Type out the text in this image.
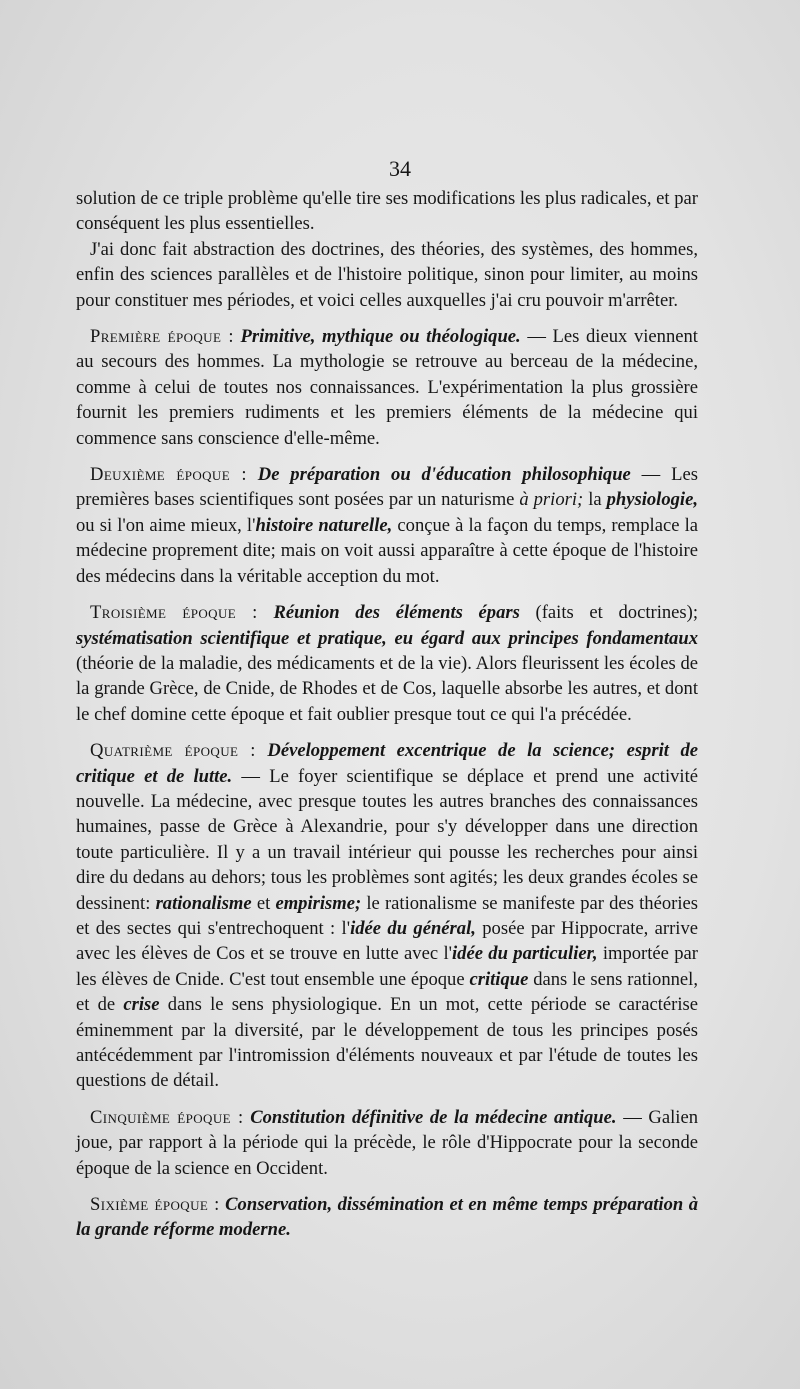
34

solution de ce triple problème qu'elle tire ses modifications les plus radicales, et par conséquent les plus essentielles.

J'ai donc fait abstraction des doctrines, des théories, des systèmes, des hommes, enfin des sciences parallèles et de l'histoire politique, sinon pour limiter, au moins pour constituer mes périodes, et voici celles auxquelles j'ai cru pouvoir m'arrêter.

Première époque : Primitive, mythique ou théologique. — Les dieux viennent au secours des hommes. La mythologie se retrouve au berceau de la médecine, comme à celui de toutes nos connaissances. L'expérimentation la plus grossière fournit les premiers rudiments et les premiers éléments de la médecine qui commence sans conscience d'elle-même.

Deuxième époque : De préparation ou d'éducation philosophique — Les premières bases scientifiques sont posées par un naturisme à priori; la physiologie, ou si l'on aime mieux, l'histoire naturelle, conçue à la façon du temps, remplace la médecine proprement dite; mais on voit aussi apparaître à cette époque de l'histoire des médecins dans la véritable acception du mot.

Troisième époque : Réunion des éléments épars (faits et doctrines); systématisation scientifique et pratique, eu égard aux principes fondamentaux (théorie de la maladie, des médicaments et de la vie). Alors fleurissent les écoles de la grande Grèce, de Cnide, de Rhodes et de Cos, laquelle absorbe les autres, et dont le chef domine cette époque et fait oublier presque tout ce qui l'a précédée.

Quatrième époque : Développement excentrique de la science; esprit de critique et de lutte. — Le foyer scientifique se déplace et prend une activité nouvelle. La médecine, avec presque toutes les autres branches des connaissances humaines, passe de Grèce à Alexandrie, pour s'y développer dans une direction toute particulière. Il y a un travail intérieur qui pousse les recherches pour ainsi dire du dedans au dehors; tous les problèmes sont agités; les deux grandes écoles se dessinent: rationalisme et empirisme; le rationalisme se manifeste par des théories et des sectes qui s'entrechoquent : l'idée du général, posée par Hippocrate, arrive avec les élèves de Cos et se trouve en lutte avec l'idée du particulier, importée par les élèves de Cnide. C'est tout ensemble une époque critique dans le sens rationnel, et de crise dans le sens physiologique. En un mot, cette période se caractérise éminemment par la diversité, par le développement de tous les principes posés antécédemment par l'intromission d'éléments nouveaux et par l'étude de toutes les questions de détail.

Cinquième époque : Constitution définitive de la médecine antique. — Galien joue, par rapport à la période qui la précède, le rôle d'Hippocrate pour la seconde époque de la science en Occident.

Sixième époque : Conservation, dissémination et en même temps préparation à la grande réforme moderne.
